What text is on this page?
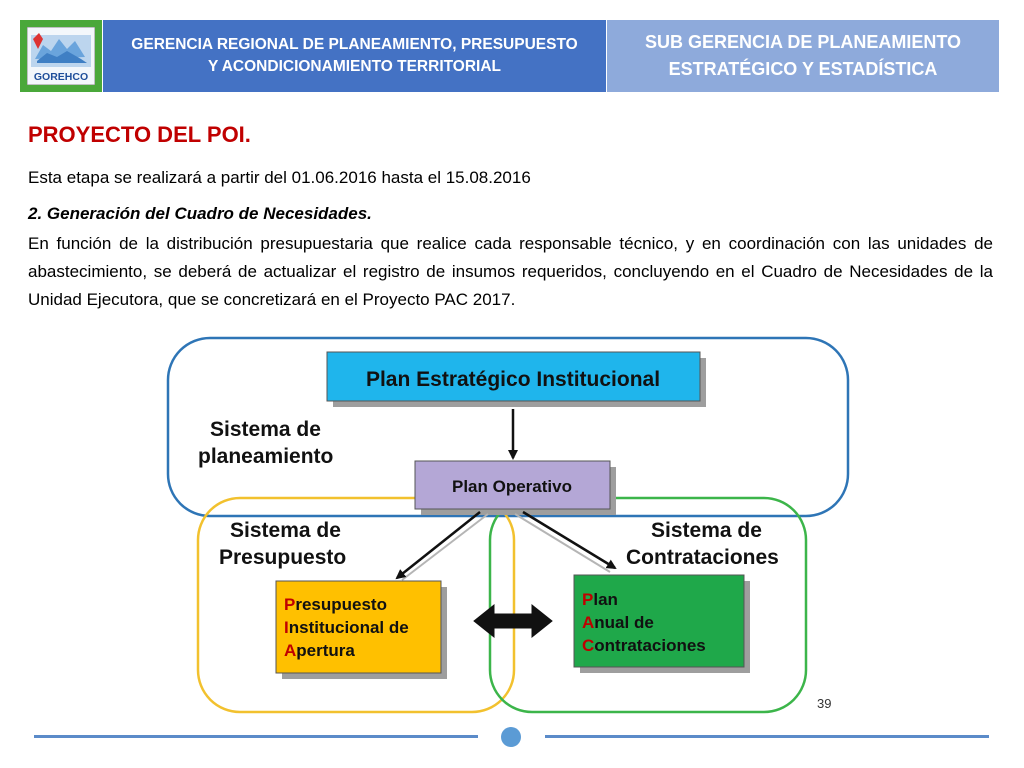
GOREHCO
GERENCIA REGIONAL DE PLANEAMIENTO, PRESUPUESTO
Y ACONDICIONAMIENTO TERRITORIAL
SUB GERENCIA DE PLANEAMIENTO
ESTRATÉGICO Y ESTADÍSTICA
PROYECTO DEL POI.
Esta etapa se realizará a partir del 01.06.2016 hasta el 15.08.2016
2. Generación del Cuadro de Necesidades.

En función de la distribución presupuestaria que realice cada responsable técnico, y en coordinación con las unidades de abastecimiento, se deberá de actualizar el registro de insumos requeridos, concluyendo en el Cuadro de Necesidades de la Unidad Ejecutora, que se concretizará en el Proyecto PAC 2017.

Plan Estratégico Institucional
Sistema de planeamiento
Plan Operativo
Sistema de Presupuesto
Sistema de Contrataciones
Presupuesto Institucional de Apertura
Plan Anual de Contrataciones
39
